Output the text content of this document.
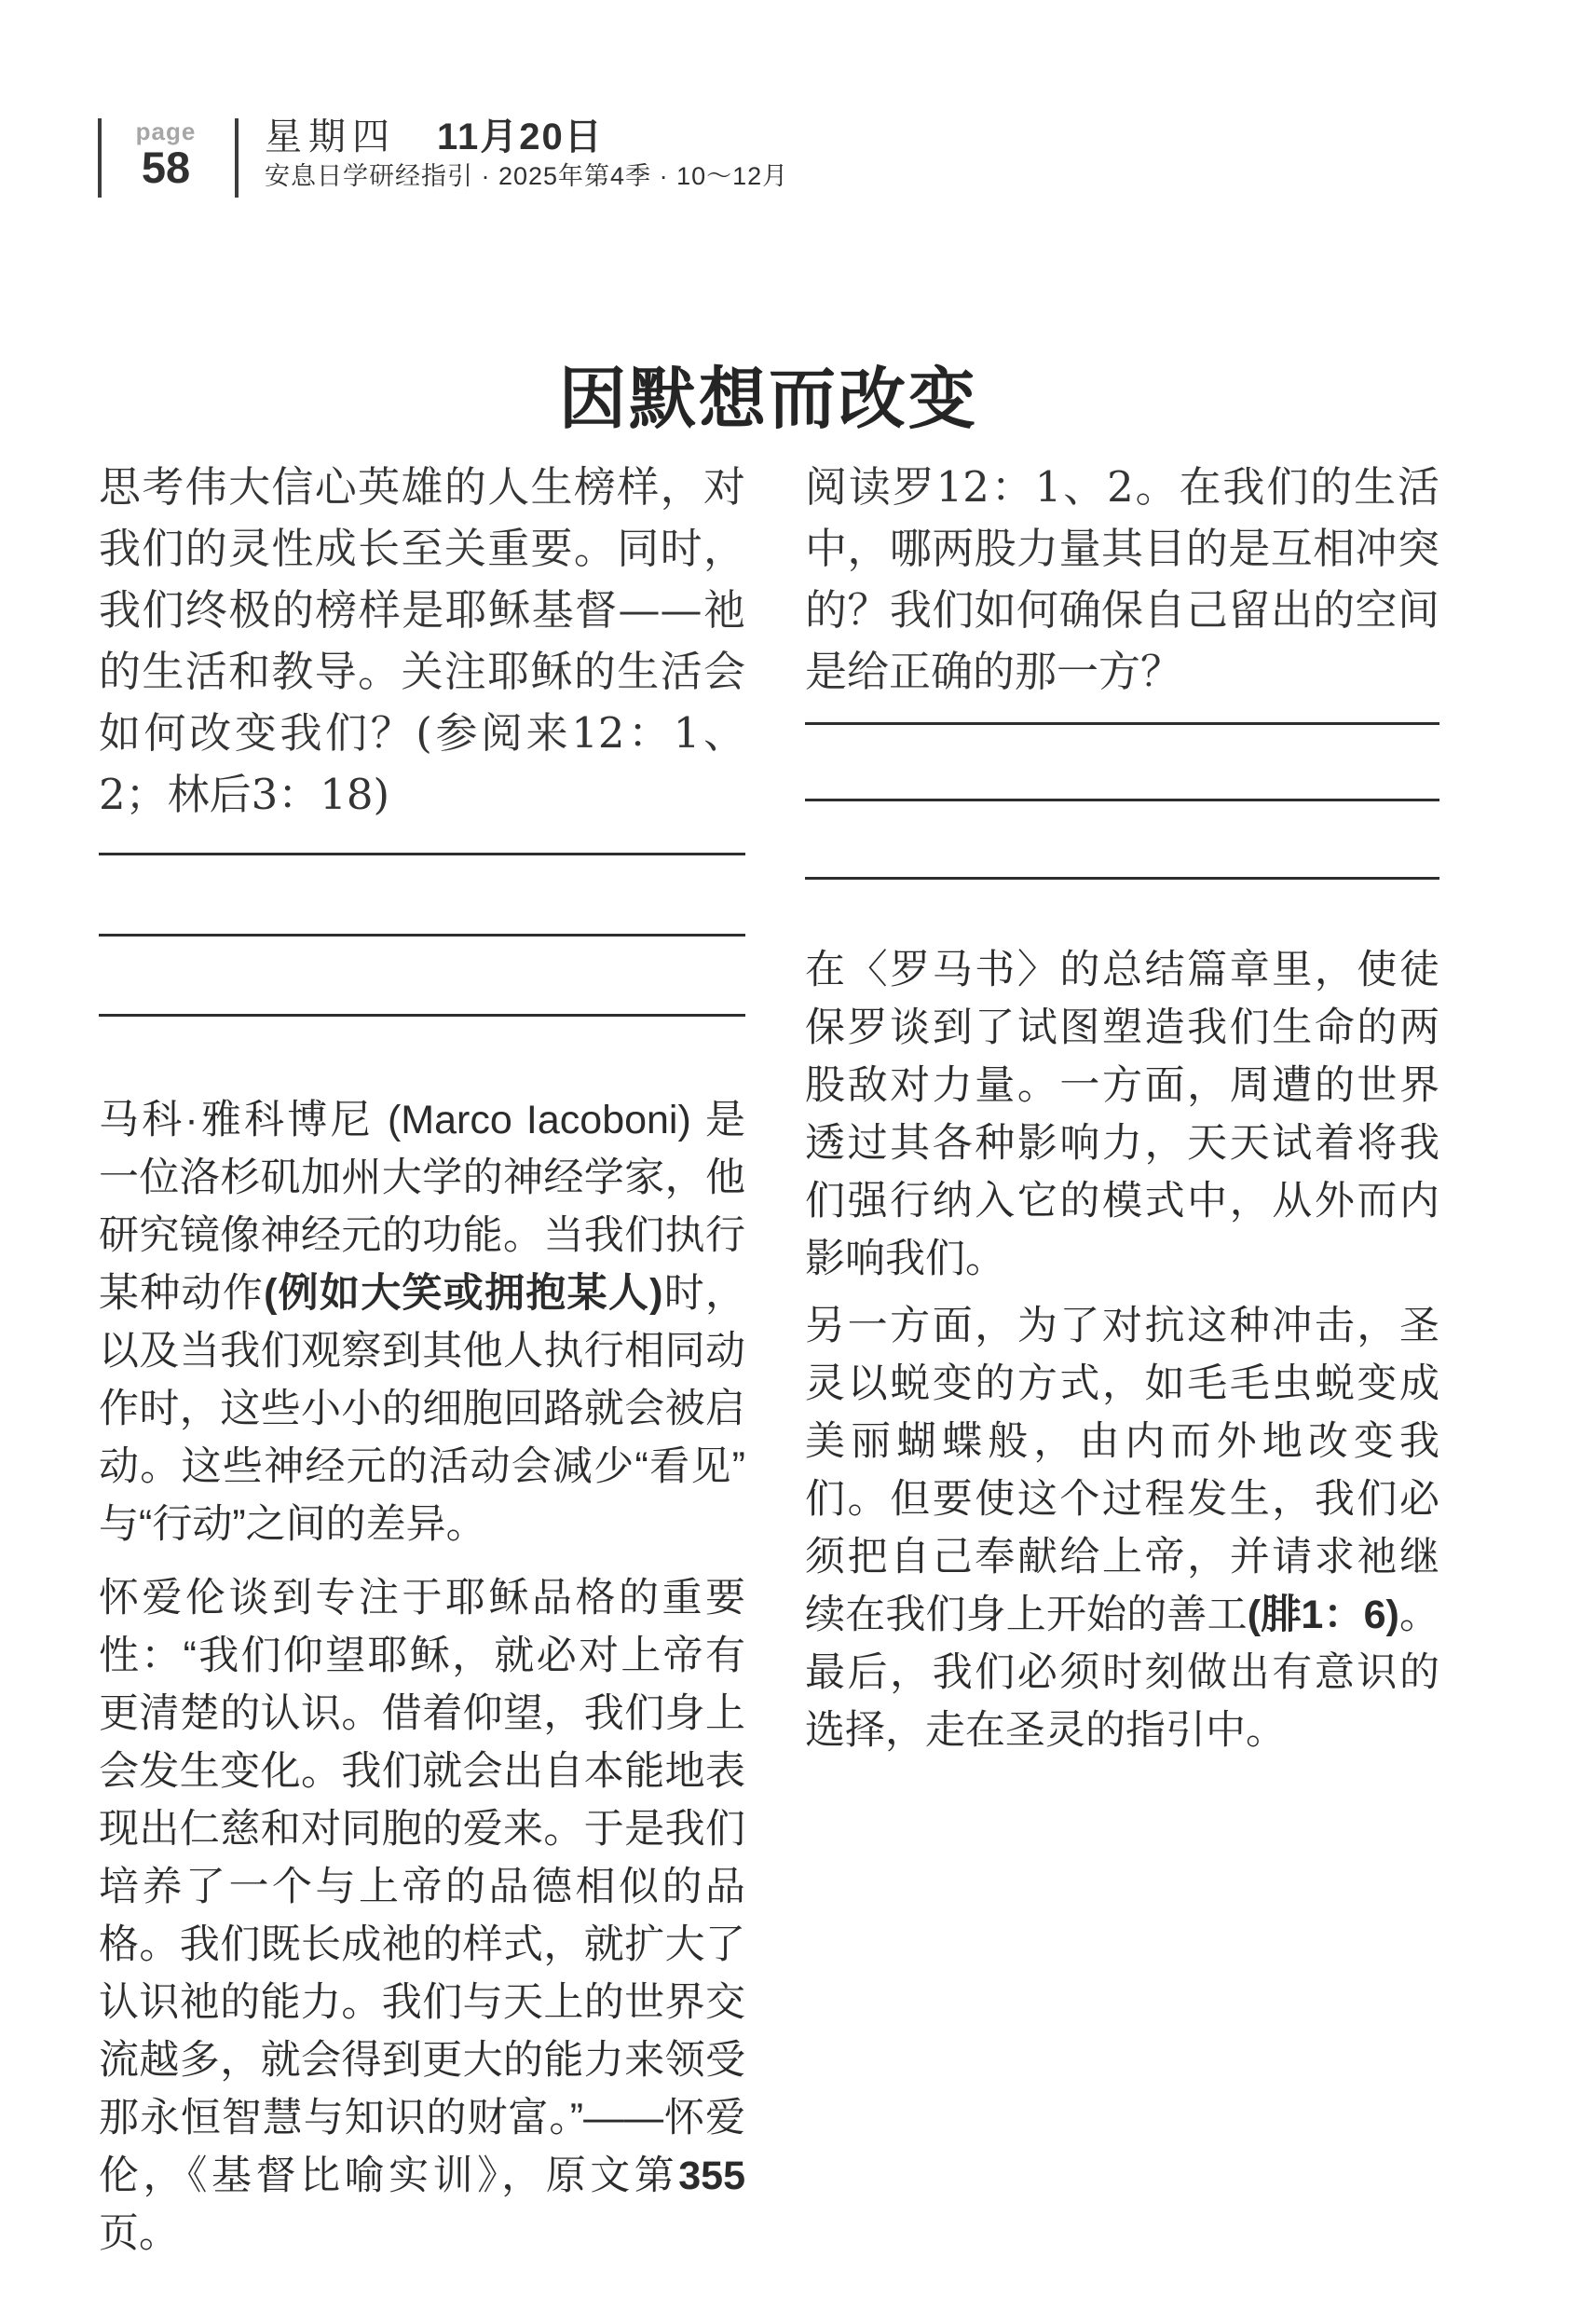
page
58
星期四 11月20日
安息日学研经指引 · 2025年第4季 · 10～12月
因默想而改变

思考伟大信心英雄的人生榜样，对我们的灵性成长至关重要。同时，我们终极的榜样是耶稣基督——祂的生活和教导。关注耶稣的生活会如何改变我们？(参阅来12：1、2；林后3：18)

马科·雅科博尼 (Marco Iacoboni) 是一位洛杉矶加州大学的神经学家，他研究镜像神经元的功能。当我们执行某种动作(例如大笑或拥抱某人)时，以及当我们观察到其他人执行相同动作时，这些小小的细胞回路就会被启动。这些神经元的活动会减少“看见”与“行动”之间的差异。

怀爱伦谈到专注于耶稣品格的重要性：“我们仰望耶稣，就必对上帝有更清楚的认识。借着仰望，我们身上会发生变化。我们就会出自本能地表现出仁慈和对同胞的爱来。于是我们培养了一个与上帝的品德相似的品格。我们既长成祂的样式，就扩大了认识祂的能力。我们与天上的世界交流越多，就会得到更大的能力来领受那永恒智慧与知识的财富。”——怀爱伦，《基督比喻实训》，原文第355页。

阅读罗12：1、2。在我们的生活中，哪两股力量其目的是互相冲突的？我们如何确保自己留出的空间是给正确的那一方？

在〈罗马书〉的总结篇章里，使徒保罗谈到了试图塑造我们生命的两股敌对力量。一方面，周遭的世界透过其各种影响力，天天试着将我们强行纳入它的模式中，从外而内影响我们。

另一方面，为了对抗这种冲击，圣灵以蜕变的方式，如毛毛虫蜕变成美丽蝴蝶般，由内而外地改变我们。但要使这个过程发生，我们必须把自己奉献给上帝，并请求祂继续在我们身上开始的善工(腓1：6)。最后，我们必须时刻做出有意识的选择，走在圣灵的指引中。
